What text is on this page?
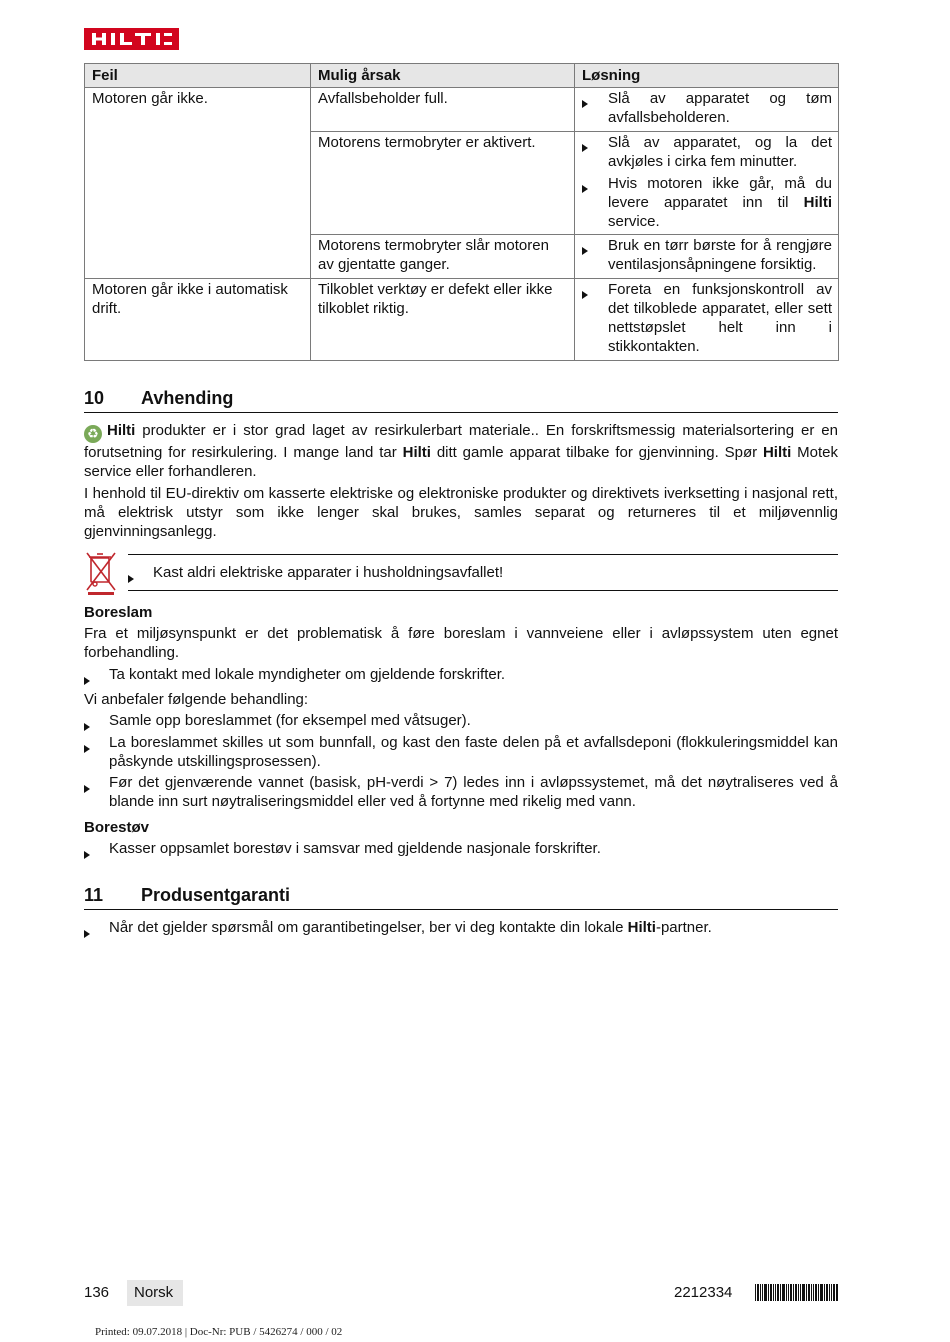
Feil	Mulig årsak	Løsning
Motoren går ikke.	Avfallsbeholder full.	Slå av apparatet og tøm avfallsbeholderen.

	Motorens termobryter er aktivert.	Slå av apparatet, og la det avkjøles i cirka fem minutter.
Hvis motoren ikke går, må du levere apparatet inn til Hilti service.

	Motorens termobryter slår motoren av gjentatte ganger.	Bruk en tørr børste for å rengjøre ventilasjonsåpningene forsiktig.

Motoren går ikke i automatisk drift.	Tilkoblet verktøy er defekt eller ikke tilkoblet riktig.	Foreta en funksjonskontroll av det tilkoblede apparatet, eller sett nettstøpslet helt inn i stikkontakten.
10 Avhending
♻ Hilti produkter er i stor grad laget av resirkulerbart materiale.. En forskriftsmessig materialsortering er en forutsetning for resirkulering. I mange land tar Hilti ditt gamle apparat tilbake for gjenvinning. Spør Hilti Motek service eller forhandleren.
I henhold til EU-direktiv om kasserte elektriske og elektroniske produkter og direktivets iverksetting i nasjonal rett, må elektrisk utstyr som ikke lenger skal brukes, samles separat og returneres til et miljøvennlig gjenvinningsanlegg.
Kast aldri elektriske apparater i husholdningsavfallet!
Boreslam
Fra et miljøsynspunkt er det problematisk å føre boreslam i vannveiene eller i avløpssystem uten egnet forbehandling.
Ta kontakt med lokale myndigheter om gjeldende forskrifter.
Vi anbefaler følgende behandling:
Samle opp boreslammet (for eksempel med våtsuger).
La boreslammet skilles ut som bunnfall, og kast den faste delen på et avfallsdeponi (flokkuleringsmiddel kan påskynde utskillingsprosessen).
Før det gjenværende vannet (basisk, pH-verdi > 7) ledes inn i avløpssystemet, må det nøytraliseres ved å blande inn surt nøytraliseringsmiddel eller ved å fortynne med rikelig med vann.
Borestøv
Kasser oppsamlet borestøv i samsvar med gjeldende nasjonale forskrifter.
11 Produsentgaranti
Når det gjelder spørsmål om garantibetingelser, ber vi deg kontakte din lokale Hilti-partner.
136	Norsk	2212334
Printed: 09.07.2018 | Doc-Nr: PUB / 5426274 / 000 / 02
